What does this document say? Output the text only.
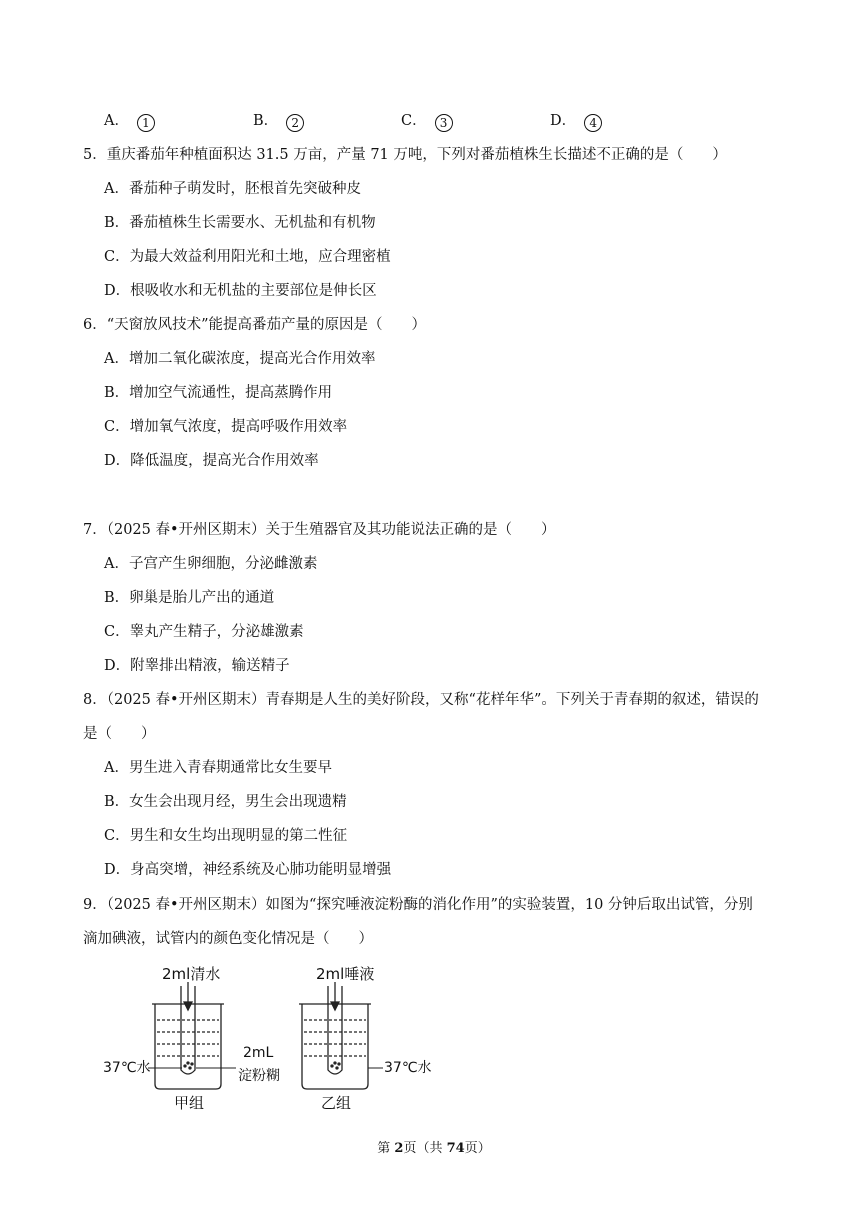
A． 1	B． 2	C． 3	D． 4
5．重庆番茄年种植面积达 31.5 万亩，产量 71 万吨，下列对番茄植株生长描述不正确的是（　　）
A．番茄种子萌发时，胚根首先突破种皮
B．番茄植株生长需要水、无机盐和有机物
C．为最大效益利用阳光和土地，应合理密植
D．根吸收水和无机盐的主要部位是伸长区
6．“天窗放风技术”能提高番茄产量的原因是（　　）
A．增加二氧化碳浓度，提高光合作用效率
B．增加空气流通性，提高蒸腾作用
C．增加氧气浓度，提高呼吸作用效率
D．降低温度，提高光合作用效率
7．（2025 春•开州区期末）关于生殖器官及其功能说法正确的是（　　）
A．子宫产生卵细胞，分泌雌激素
B．卵巢是胎儿产出的通道
C．睾丸产生精子，分泌雄激素
D．附睾排出精液，输送精子
8．（2025 春•开州区期末）青春期是人生的美好阶段，又称“花样年华”。下列关于青春期的叙述，错误的
是（　　）
A．男生进入青春期通常比女生要早
B．女生会出现月经，男生会出现遗精
C．男生和女生均出现明显的第二性征
D．身高突增，神经系统及心肺功能明显增强
9．（2025 春•开州区期末）如图为“探究唾液淀粉酶的消化作用”的实验装置，10 分钟后取出试管，分别
滴加碘液，试管内的颜色变化情况是（　　）
2ml清水	2ml唾液
2mL
淀粉糊
37℃水	37℃水
甲组	乙组
第 2页（共 74页）
